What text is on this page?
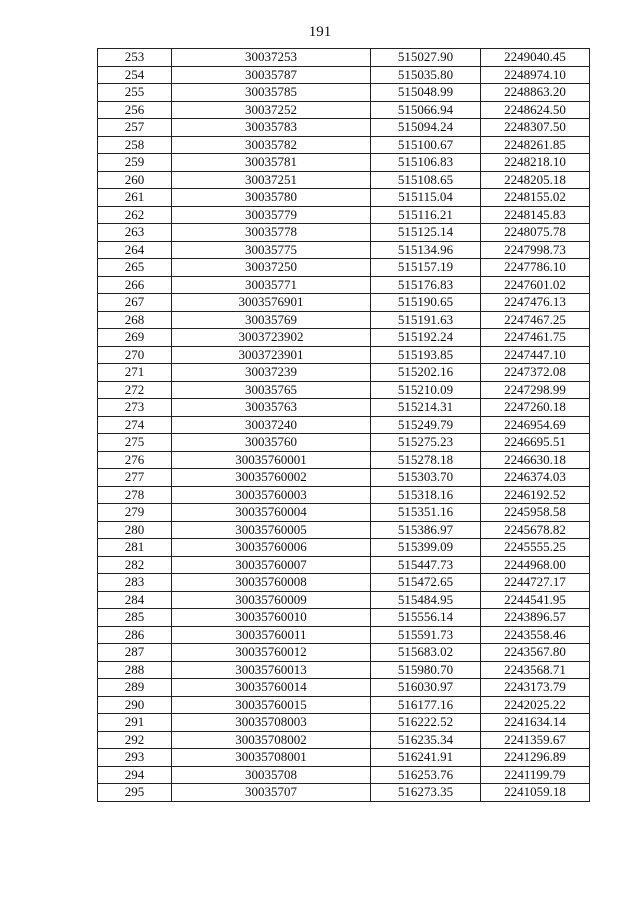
191
253	30037253	515027.90	2249040.45
254	30035787	515035.80	2248974.10
255	30035785	515048.99	2248863.20
256	30037252	515066.94	2248624.50
257	30035783	515094.24	2248307.50
258	30035782	515100.67	2248261.85
259	30035781	515106.83	2248218.10
260	30037251	515108.65	2248205.18
261	30035780	515115.04	2248155.02
262	30035779	515116.21	2248145.83
263	30035778	515125.14	2248075.78
264	30035775	515134.96	2247998.73
265	30037250	515157.19	2247786.10
266	30035771	515176.83	2247601.02
267	3003576901	515190.65	2247476.13
268	30035769	515191.63	2247467.25
269	3003723902	515192.24	2247461.75
270	3003723901	515193.85	2247447.10
271	30037239	515202.16	2247372.08
272	30035765	515210.09	2247298.99
273	30035763	515214.31	2247260.18
274	30037240	515249.79	2246954.69
275	30035760	515275.23	2246695.51
276	30035760001	515278.18	2246630.18
277	30035760002	515303.70	2246374.03
278	30035760003	515318.16	2246192.52
279	30035760004	515351.16	2245958.58
280	30035760005	515386.97	2245678.82
281	30035760006	515399.09	2245555.25
282	30035760007	515447.73	2244968.00
283	30035760008	515472.65	2244727.17
284	30035760009	515484.95	2244541.95
285	30035760010	515556.14	2243896.57
286	30035760011	515591.73	2243558.46
287	30035760012	515683.02	2243567.80
288	30035760013	515980.70	2243568.71
289	30035760014	516030.97	2243173.79
290	30035760015	516177.16	2242025.22
291	30035708003	516222.52	2241634.14
292	30035708002	516235.34	2241359.67
293	30035708001	516241.91	2241296.89
294	30035708	516253.76	2241199.79
295	30035707	516273.35	2241059.18
